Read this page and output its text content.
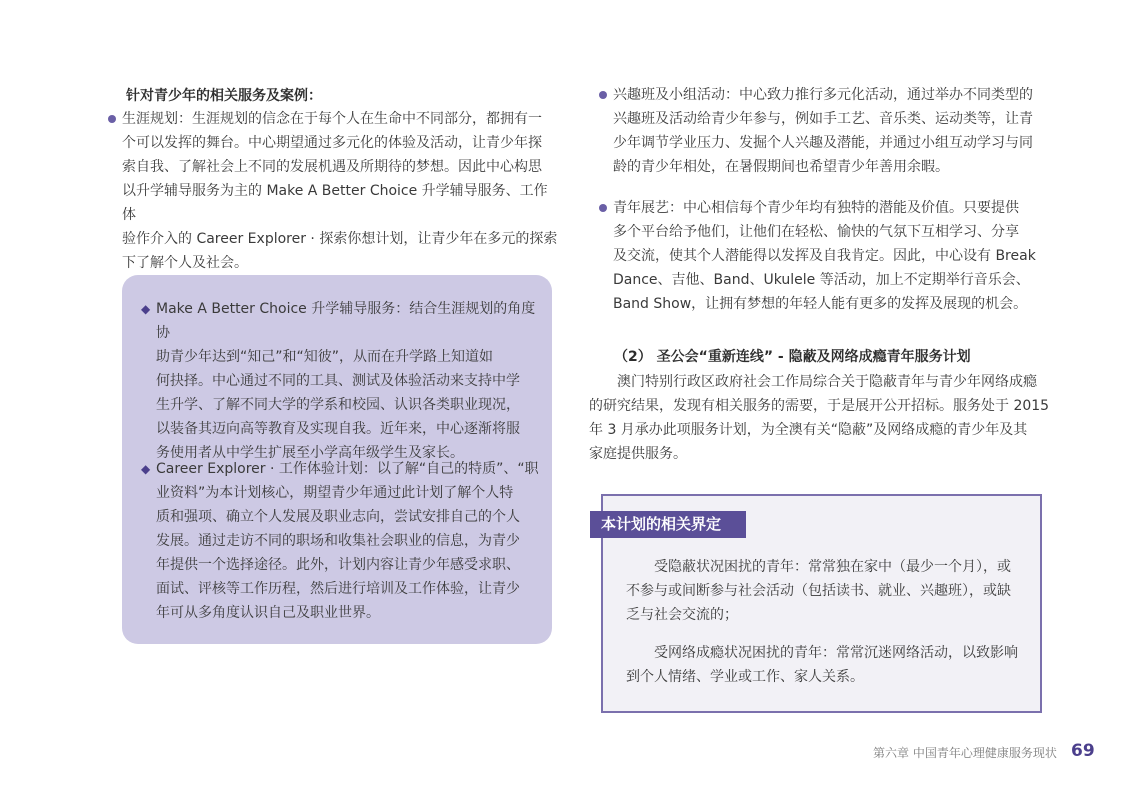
针对青少年的相关服务及案例：

生涯规划：生涯规划的信念在于每个人在生命中不同部分，都拥有一

个可以发挥的舞台。中心期望通过多元化的体验及活动，让青少年探

索自我、了解社会上不同的发展机遇及所期待的梦想。因此中心构思

以升学辅导服务为主的 Make A Better Choice 升学辅导服务、工作体

验作介入的 Career Explorer · 探索你想计划，让青少年在多元的探索

下了解个人及社会。

◆ Make A Better Choice 升学辅导服务：结合生涯规划的角度协

助青少年达到“知己”和“知彼”，从而在升学路上知道如

何抉择。中心通过不同的工具、测试及体验活动来支持中学

生升学、了解不同大学的学系和校园、认识各类职业现况，

以装备其迈向高等教育及实现自我。近年来，中心逐渐将服

务使用者从中学生扩展至小学高年级学生及家长。

◆ Career Explorer · 工作体验计划：以了解“自己的特质”、“职

业资料”为本计划核心，期望青少年通过此计划了解个人特

质和强项、确立个人发展及职业志向，尝试安排自己的个人

发展。通过走访不同的职场和收集社会职业的信息，为青少

年提供一个选择途径。此外，计划内容让青少年感受求职、

面试、评核等工作历程，然后进行培训及工作体验，让青少

年可从多角度认识自己及职业世界。

兴趣班及小组活动：中心致力推行多元化活动，通过举办不同类型的

兴趣班及活动给青少年参与，例如手工艺、音乐类、运动类等，让青

少年调节学业压力、发掘个人兴趣及潜能，并通过小组互动学习与同

龄的青少年相处，在暑假期间也希望青少年善用余暇。

青年展艺：中心相信每个青少年均有独特的潜能及价值。只要提供

多个平台给予他们，让他们在轻松、愉快的气氛下互相学习、分享

及交流，使其个人潜能得以发挥及自我肯定。因此，中心设有 Break

Dance、吉他、Band、Ukulele 等活动，加上不定期举行音乐会、

Band Show，让拥有梦想的年轻人能有更多的发挥及展现的机会。

（2） 圣公会“重新连线” - 隐蔽及网络成瘾青年服务计划

澳门特别行政区政府社会工作局综合关于隐蔽青年与青少年网络成瘾

的研究结果，发现有相关服务的需要，于是展开公开招标。服务处于 2015

年 3 月承办此项服务计划，为全澳有关“隐蔽”及网络成瘾的青少年及其

家庭提供服务。

本计划的相关界定

受隐蔽状况困扰的青年：常常独在家中（最少一个月），或

不参与或间断参与社会活动（包括读书、就业、兴趣班），或缺

乏与社会交流的；

受网络成瘾状况困扰的青年：常常沉迷网络活动，以致影响

到个人情绪、学业或工作、家人关系。

第六章 中国青年心理健康服务现状 69
